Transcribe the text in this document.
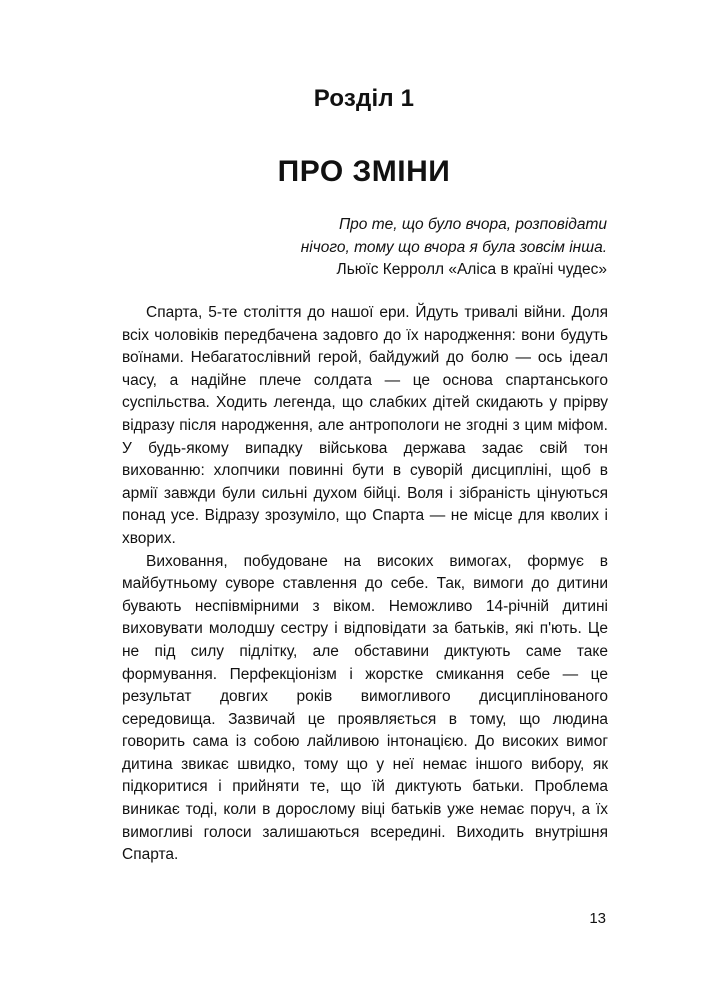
Розділ 1
ПРО ЗМІНИ
Про те, що було вчора, розповідати
нічого, тому що вчора я була зовсім інша.
Льюїс Керролл «Аліса в країні чудес»

Спарта, 5-те століття до нашої ери. Йдуть тривалі війни. Доля всіх чоловіків передбачена задовго до їх народження: вони будуть воїнами. Небагатослівний герой, байдужий до болю — ось ідеал часу, а надійне плече солдата — це основа спартанського суспільства. Ходить легенда, що слабких дітей скидають у прірву відразу після народження, але антропологи не згодні з цим міфом. У будь-якому випадку військова держава задає свій тон вихованню: хлопчики повинні бути в суворій дисципліні, щоб в армії завжди були сильні духом бійці. Воля і зібраність цінуються понад усе. Відразу зрозуміло, що Спарта — не місце для кволих і хворих.

Виховання, побудоване на високих вимогах, формує в майбутньому суворе ставлення до себе. Так, вимоги до дитини бувають неспівмірними з віком. Неможливо 14-річній дитині виховувати молодшу сестру і відповідати за батьків, які п'ють. Це не під силу підлітку, але обставини диктують саме таке формування. Перфекціонізм і жорстке смикання себе — це результат довгих років вимогливого дисциплінованого середовища. Зазвичай це проявляється в тому, що людина говорить сама із собою лайливою інтонацією. До високих вимог дитина звикає швидко, тому що у неї немає іншого вибору, як підкоритися і прийняти те, що їй диктують батьки. Проблема виникає тоді, коли в дорослому віці батьків уже немає поруч, а їх вимогливі голоси залишаються всередині. Виходить внутрішня Спарта.

13
